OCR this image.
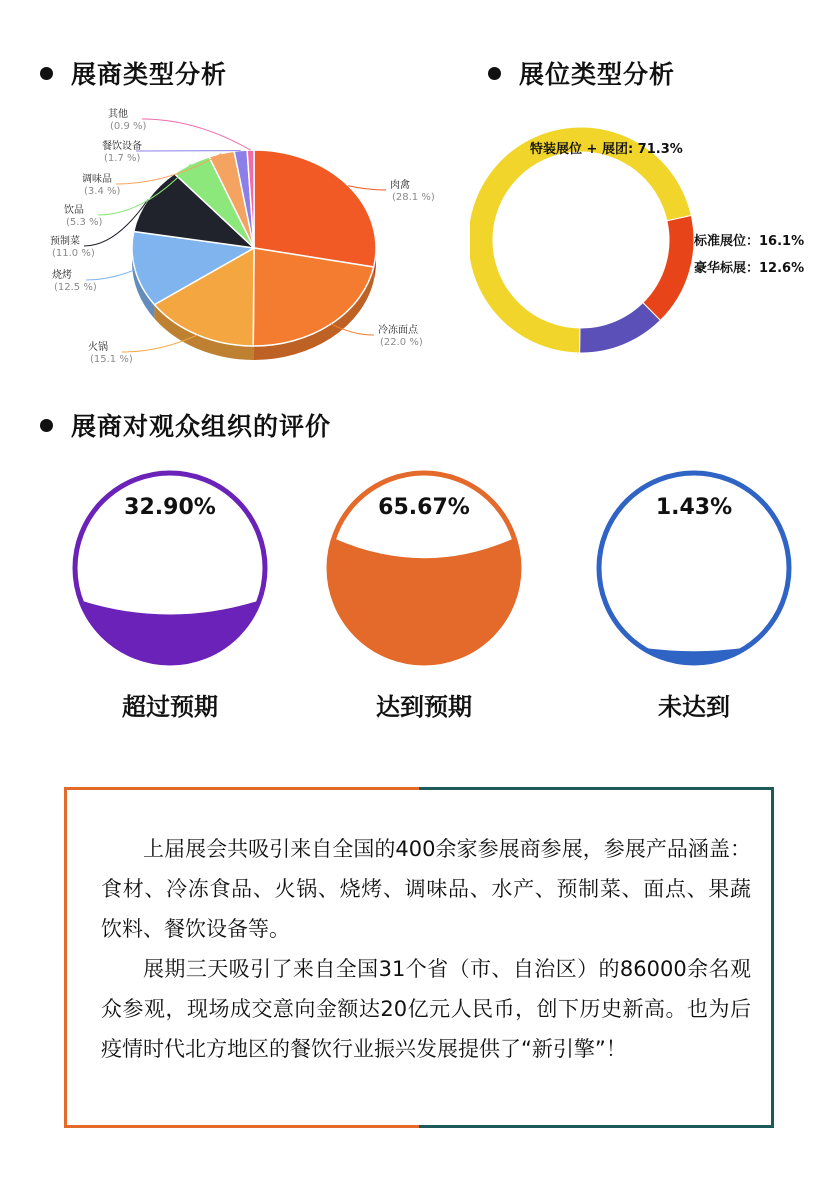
展商类型分析	展位类型分析
展商对观众组织的评价
肉禽
(28.1 %)
冷冻面点
(22.0 %)
火锅
(15.1 %)
烧烤
(12.5 %)
预制菜
(11.0 %)
饮品
(5.3 %)
调味品
(3.4 %)
餐饮设备
(1.7 %)
其他
(0.9 %)
特装展位 + 展团: 71.3%
标准展位：16.1%
豪华标展：12.6%
32.90%	65.67%	1.43%
超过预期	达到预期	未达到
上届展会共吸引来自全国的400余家参展商参展，参展产品涵盖：食材、冷冻食品、火锅、烧烤、调味品、水产、预制菜、面点、果蔬饮料、餐饮设备等。
展期三天吸引了来自全国31个省（市、自治区）的86000余名观众参观，现场成交意向金额达20亿元人民币，创下历史新高。也为后疫情时代北方地区的餐饮行业振兴发展提供了“新引擎”！
